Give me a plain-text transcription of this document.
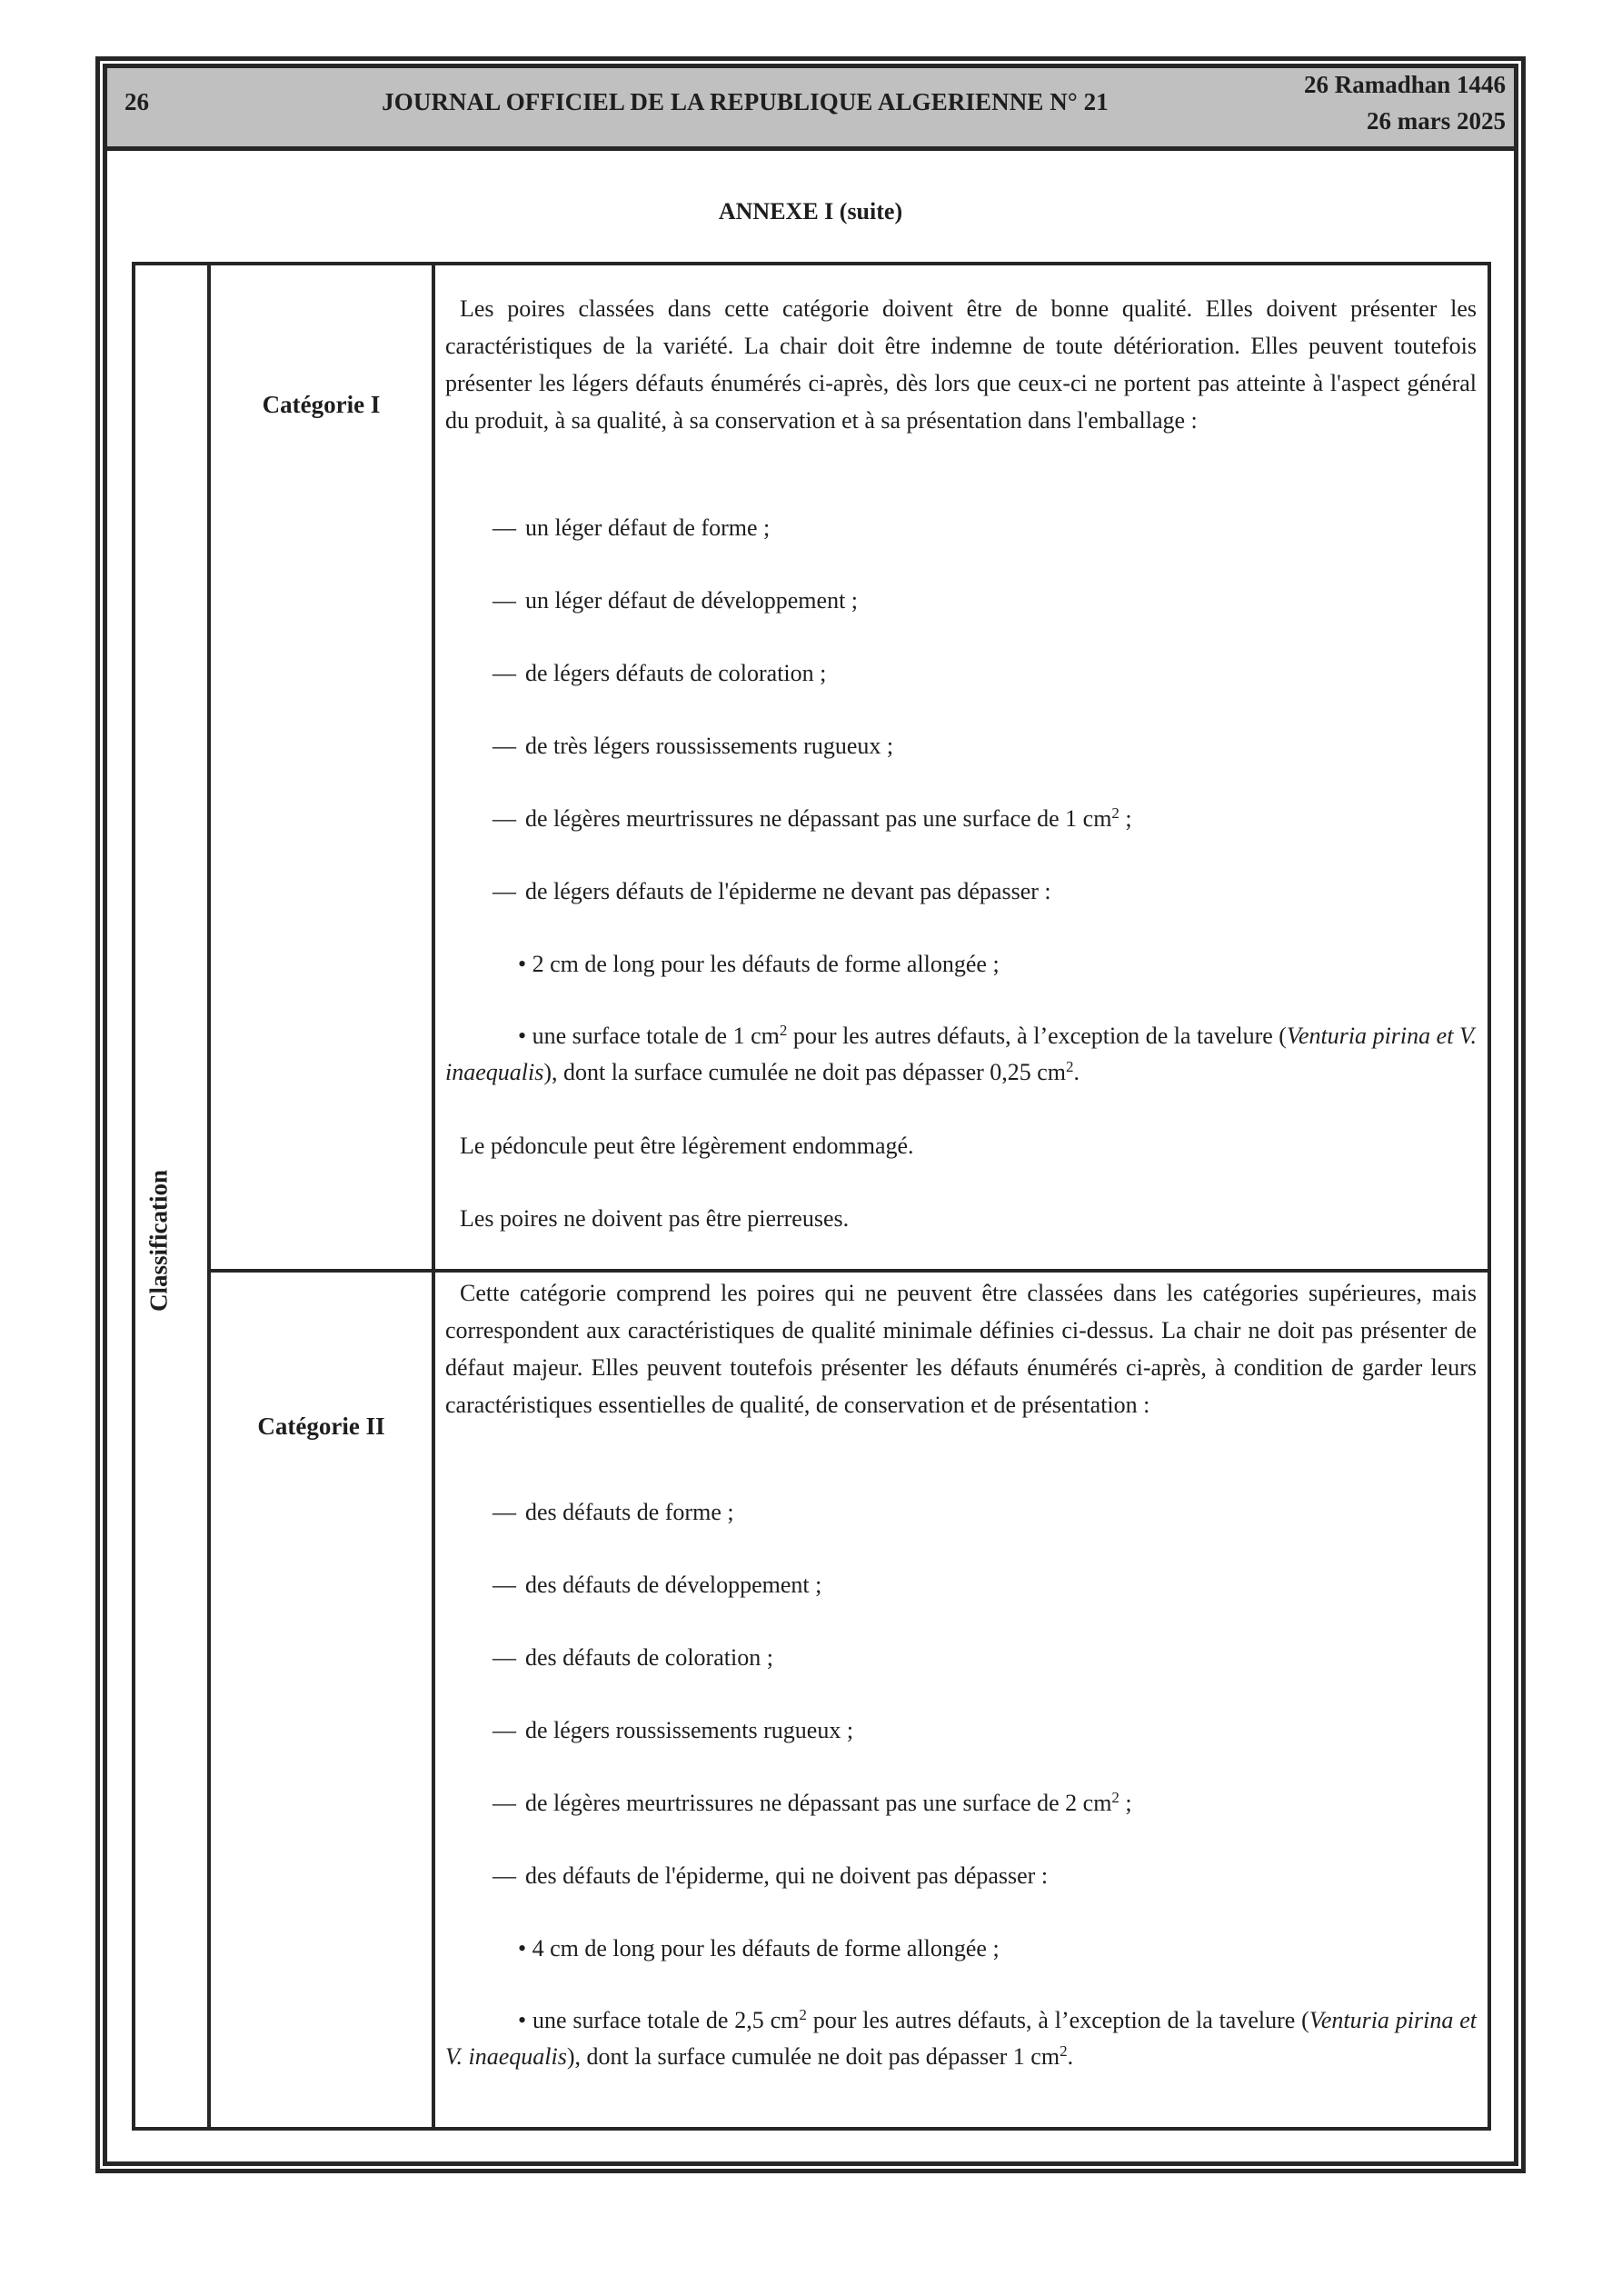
26	JOURNAL OFFICIEL DE LA REPUBLIQUE ALGERIENNE N° 21
26 Ramadhan 1446
26 mars 2025
ANNEXE I (suite)
Classification
Catégorie I
Catégorie II

Les poires classées dans cette catégorie doivent être de bonne qualité. Elles doivent présenter les caractéristiques de la variété. La chair doit être indemne de toute détérioration. Elles peuvent toutefois présenter les légers défauts énumérés ci-après, dès lors que ceux-ci ne portent pas atteinte à l'aspect général du produit, à sa qualité, à sa conservation et à sa présentation dans l'emballage :

— un léger défaut de forme ;
— un léger défaut de développement ;
— de légers défauts de coloration ;
— de très légers roussissements rugueux ;
— de légères meurtrissures ne dépassant pas une surface de 1 $cm^2$ ;
— de légers défauts de l'épiderme ne devant pas dépasser :
• 2 cm de long pour les défauts de forme allongée ;
• une surface totale de 1 $cm^2$ pour les autres défauts, à l’exception de la tavelure (Venturia pirina et V. inaequalis), dont la surface cumulée ne doit pas dépasser 0,25 $cm^2$.
Le pédoncule peut être légèrement endommagé.
Les poires ne doivent pas être pierreuses.

Cette catégorie comprend les poires qui ne peuvent être classées dans les catégories supérieures, mais correspondent aux caractéristiques de qualité minimale définies ci-dessus. La chair ne doit pas présenter de défaut majeur. Elles peuvent toutefois présenter les défauts énumérés ci-après, à condition de garder leurs caractéristiques essentielles de qualité, de conservation et de présentation :

— des défauts de forme ;
— des défauts de développement ;
— des défauts de coloration ;
— de légers roussissements rugueux ;
— de légères meurtrissures ne dépassant pas une surface de 2 $cm^2$ ;
— des défauts de l'épiderme, qui ne doivent pas dépasser :
• 4 cm de long pour les défauts de forme allongée ;
• une surface totale de 2,5 $cm^2$ pour les autres défauts, à l’exception de la tavelure (Venturia pirina et V. inaequalis), dont la surface cumulée ne doit pas dépasser 1 $cm^2$.
